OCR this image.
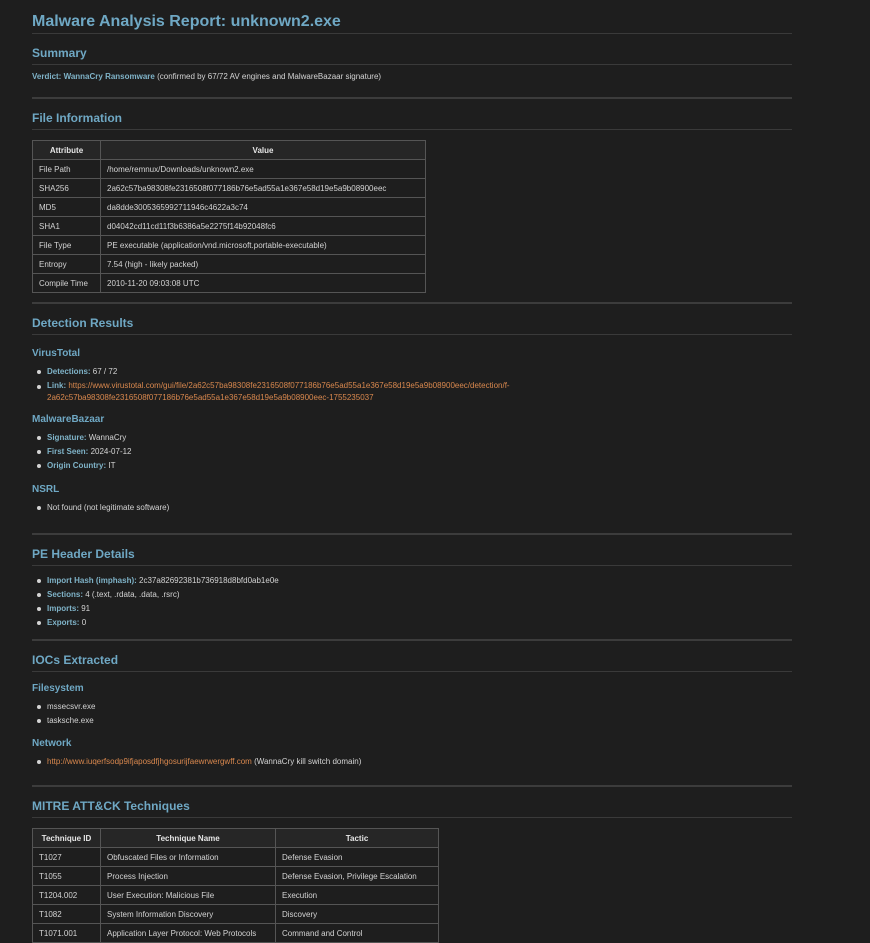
Malware Analysis Report: unknown2.exe
Summary
Verdict: WannaCry Ransomware (confirmed by 67/72 AV engines and MalwareBazaar signature)
File Information
Attribute	Value
File Path	/home/remnux/Downloads/unknown2.exe
SHA256	2a62c57ba98308fe2316508f077186b76e5ad55a1e367e58d19e5a9b08900eec
MD5	da8dde3005365992711946c4622a3c74
SHA1	d04042cd11cd11f3b6386a5e2275f14b92048fc6
File Type	PE executable (application/vnd.microsoft.portable-executable)
Entropy	7.54 (high - likely packed)
Compile Time	2010-11-20 09:03:08 UTC
Detection Results
VirusTotal
Detections: 67 / 72
Link: https://www.virustotal.com/gui/file/2a62c57ba98308fe2316508f077186b76e5ad55a1e367e58d19e5a9b08900eec/detection/f-
2a62c57ba98308fe2316508f077186b76e5ad55a1e367e58d19e5a9b08900eec-1755235037
MalwareBazaar
Signature: WannaCry
First Seen: 2024-07-12
Origin Country: IT
NSRL
Not found (not legitimate software)
PE Header Details
Import Hash (imphash): 2c37a82692381b736918d8bfd0ab1e0e
Sections: 4 (.text, .rdata, .data, .rsrc)
Imports: 91
Exports: 0
IOCs Extracted
Filesystem
mssecsvr.exe
tasksche.exe
Network
http://www.iuqerfsodp9ifjaposdfjhgosurijfaewrwergwff.com (WannaCry kill switch domain)
MITRE ATT&CK Techniques
Technique ID	Technique Name	Tactic
T1027	Obfuscated Files or Information	Defense Evasion
T1055	Process Injection	Defense Evasion, Privilege Escalation
T1204.002	User Execution: Malicious File	Execution
T1082	System Information Discovery	Discovery
T1071.001	Application Layer Protocol: Web Protocols	Command and Control
